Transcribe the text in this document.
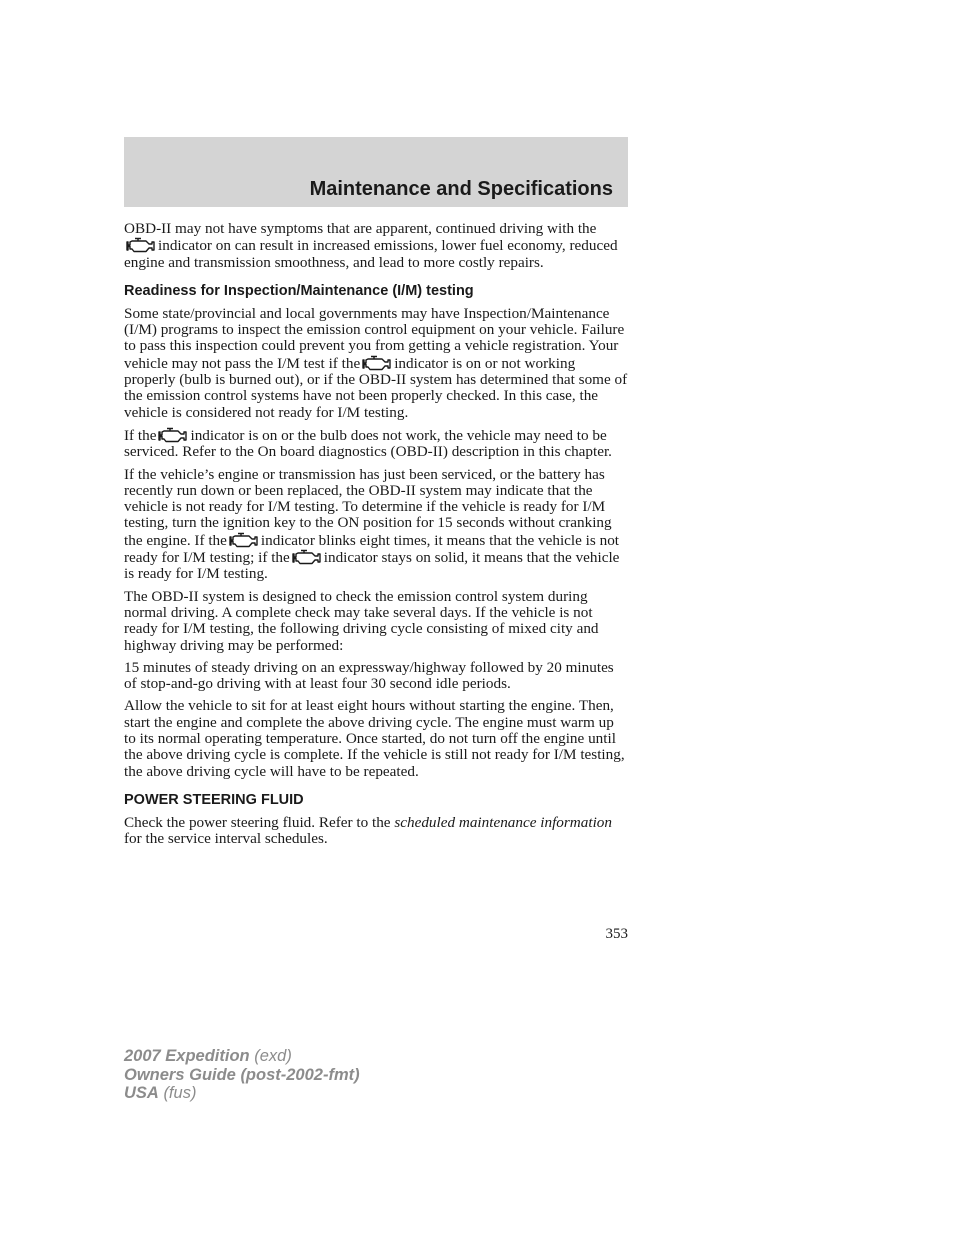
Maintenance and Specifications

OBD-II may not have symptoms that are apparent, continued driving with the
indicator on can result in increased emissions, lower fuel economy, reduced engine and transmission smoothness, and lead to more costly repairs.

Readiness for Inspection/Maintenance (I/M) testing

Some state/provincial and local governments may have Inspection/Maintenance (I/M) programs to inspect the emission control equipment on your vehicle. Failure to pass this inspection could prevent you from getting a vehicle registration. Your vehicle may not pass the I/M test if the indicator is on or not working properly (bulb is burned out), or if the OBD-II system has determined that some of the emission control systems have not been properly checked. In this case, the vehicle is considered not ready for I/M testing.

If the indicator is on or the bulb does not work, the vehicle may need to be serviced. Refer to the On board diagnostics (OBD-II) description in this chapter.

If the vehicle’s engine or transmission has just been serviced, or the battery has recently run down or been replaced, the OBD-II system may indicate that the vehicle is not ready for I/M testing. To determine if the vehicle is ready for I/M testing, turn the ignition key to the ON position for 15 seconds without cranking the engine. If the indicator blinks eight times, it means that the vehicle is not ready for I/M testing; if the indicator stays on solid, it means that the vehicle is ready for I/M testing.

The OBD-II system is designed to check the emission control system during normal driving. A complete check may take several days. If the vehicle is not ready for I/M testing, the following driving cycle consisting of mixed city and highway driving may be performed:

15 minutes of steady driving on an expressway/highway followed by 20 minutes of stop-and-go driving with at least four 30 second idle periods.

Allow the vehicle to sit for at least eight hours without starting the engine. Then, start the engine and complete the above driving cycle. The engine must warm up to its normal operating temperature. Once started, do not turn off the engine until the above driving cycle is complete. If the vehicle is still not ready for I/M testing, the above driving cycle will have to be repeated.

POWER STEERING FLUID

Check the power steering fluid. Refer to the scheduled maintenance information for the service interval schedules.

353
2007 Expedition (exd)
Owners Guide (post-2002-fmt)
USA (fus)
